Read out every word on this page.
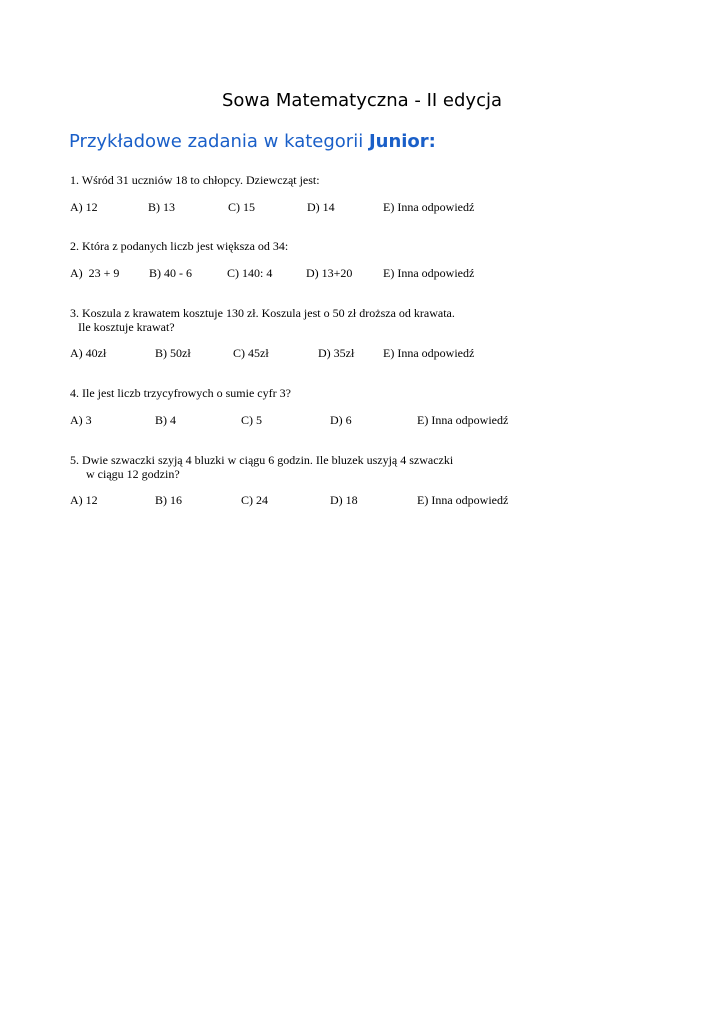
Sowa Matematyczna - II edycja
Przykładowe zadania w kategorii Junior:
1. Wśród 31 uczniów 18 to chłopcy. Dziewcząt jest:
A) 12	B) 13	C) 15	D) 14	E) Inna odpowiedź
2. Która z podanych liczb jest większa od 34:
A)  23 + 9 B) 40 - 6	C) 140: 4	D) 13+20	E) Inna odpowiedź
3. Koszula z krawatem kosztuje 130 zł. Koszula jest o 50 zł droższa od krawata.
Ile kosztuje krawat?
A) 40zł	B) 50zł	C) 45zł	D) 35zł E) Inna odpowiedź
4. Ile jest liczb trzycyfrowych o sumie cyfr 3?
A) 3	B) 4	C) 5	D) 6	E) Inna odpowiedź
5. Dwie szwaczki szyją 4 bluzki w ciągu 6 godzin. Ile bluzek uszyją 4 szwaczki
w ciągu 12 godzin?
A) 12	B) 16	C) 24	D) 18	E) Inna odpowiedź
